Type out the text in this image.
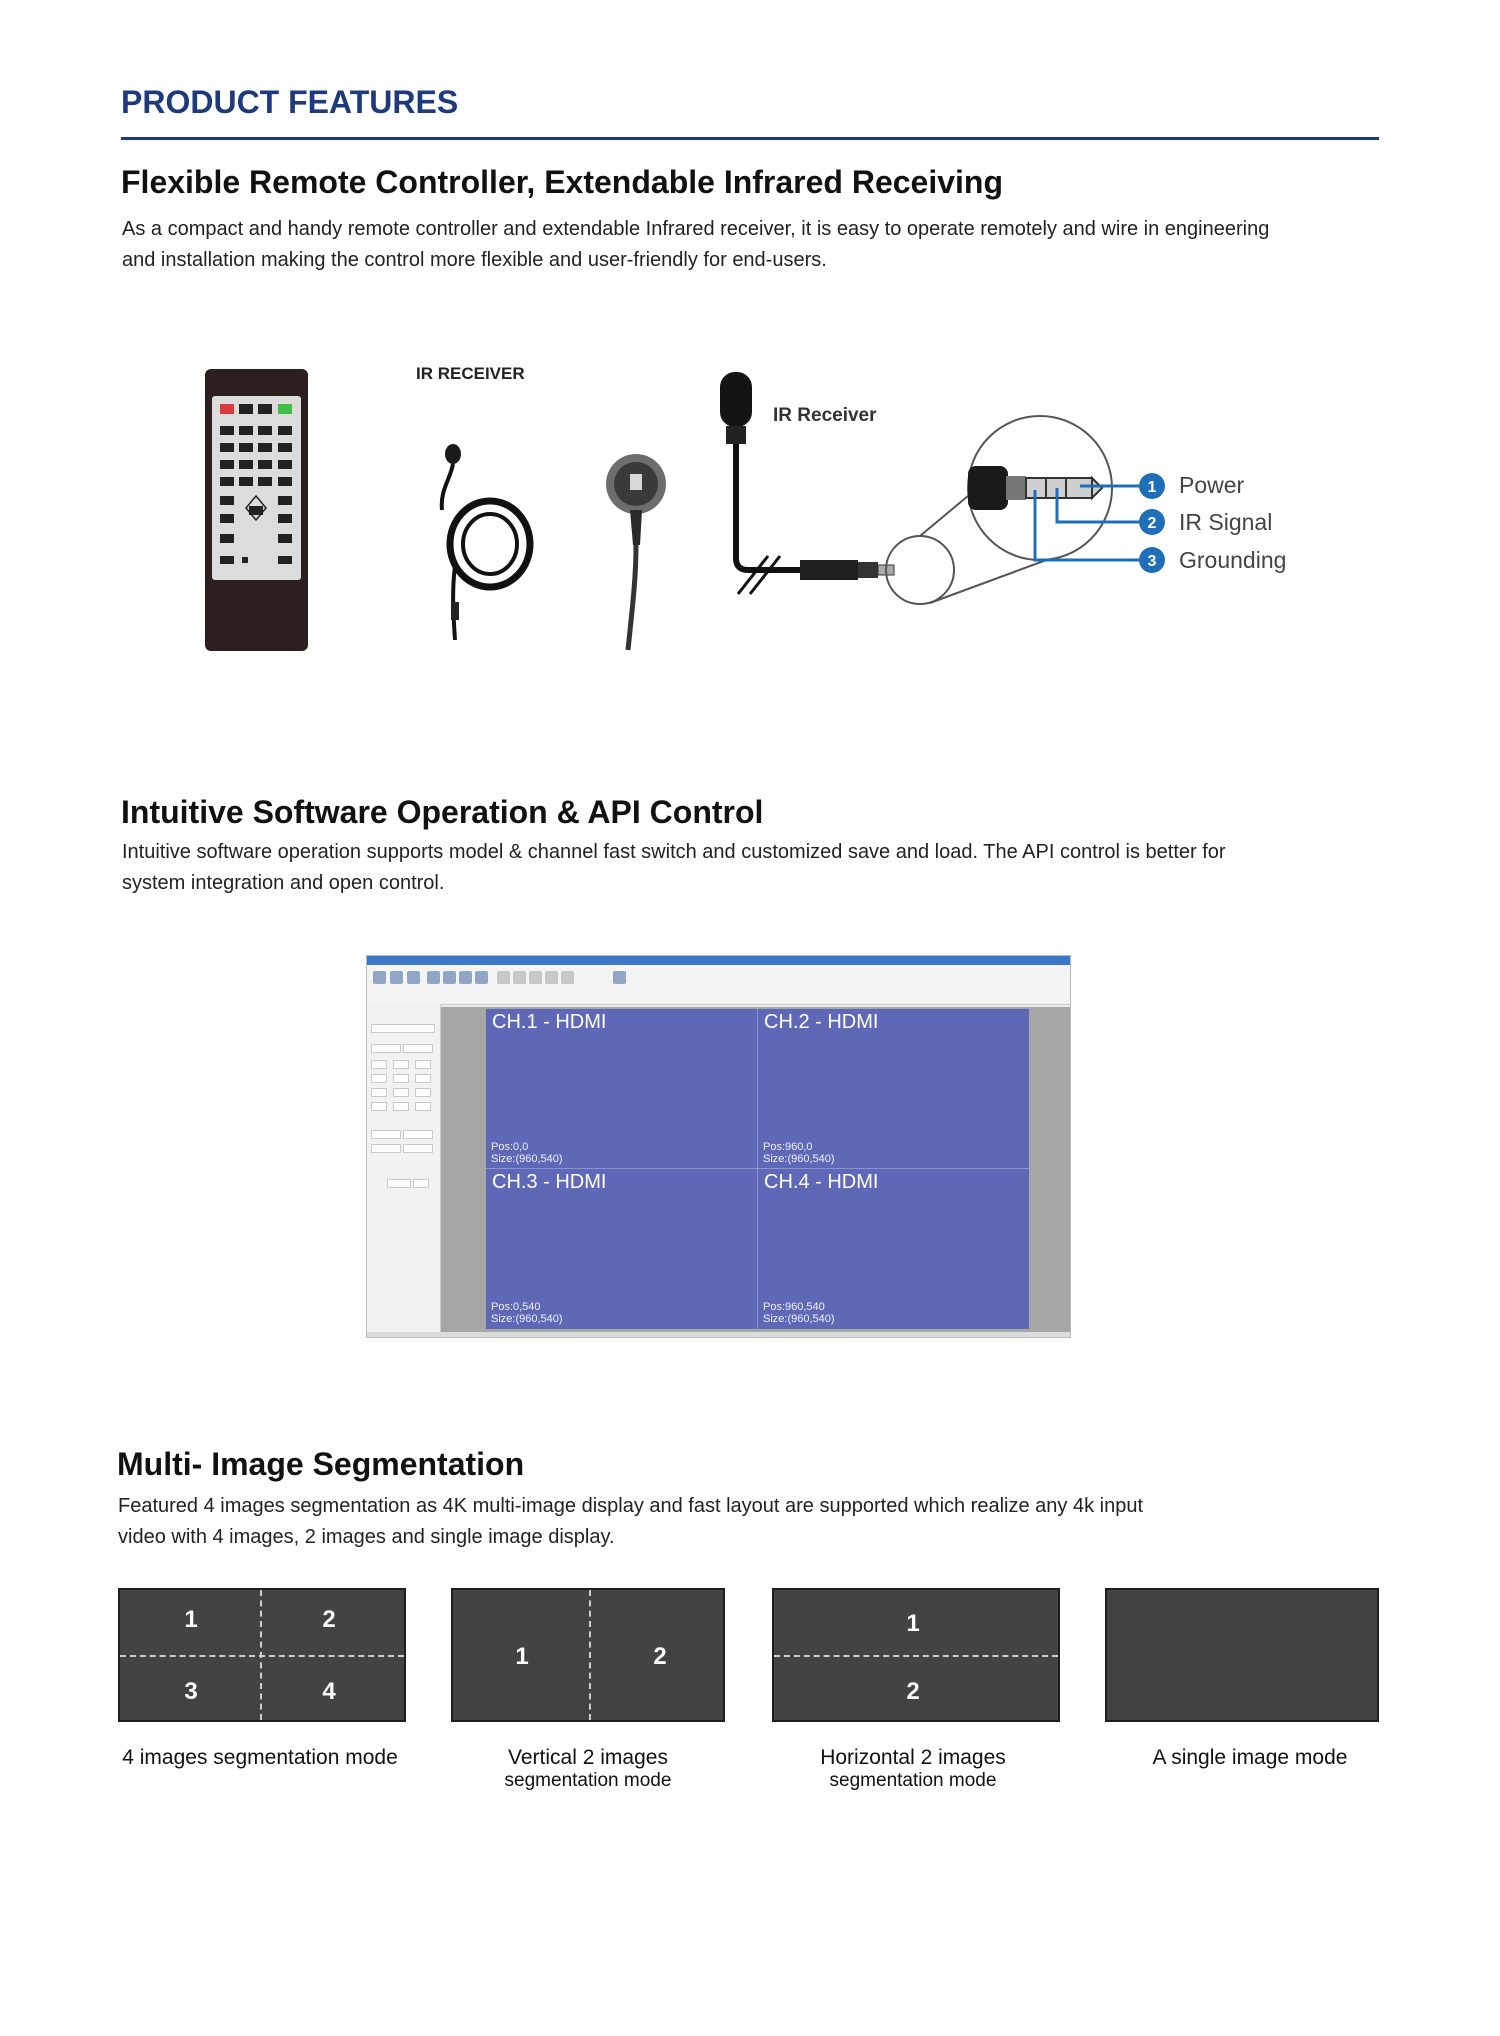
PRODUCT FEATURES
Flexible Remote Controller, Extendable Infrared Receiving

As a compact and handy remote controller and extendable Infrared receiver, it is easy to operate remotely and wire in engineering and installation making the control more flexible and user-friendly for end-users.

IR RECEIVER
1
2
3
Power
IR Signal
Grounding
IR Receiver
Intuitive Software Operation & API Control

Intuitive software operation supports model & channel fast switch and customized save and load. The API control is better for system integration and open control.

CH.1 - HDMI
Pos:0,0
Size:(960,540)
CH.2 - HDMI
Pos:960,0
Size:(960,540)
CH.3 - HDMI
Pos:0,540
Size:(960,540)
CH.4 - HDMI
Pos:960,540
Size:(960,540)
Multi- Image Segmentation

Featured 4 images segmentation as 4K multi-image display and fast layout are supported which realize any 4k input video with 4 images, 2 images and single image display.

1	2
3	4
4 images segmentation mode
1	2
Vertical 2 images
segmentation mode
1
2
Horizontal 2 images
segmentation mode
A single image mode
